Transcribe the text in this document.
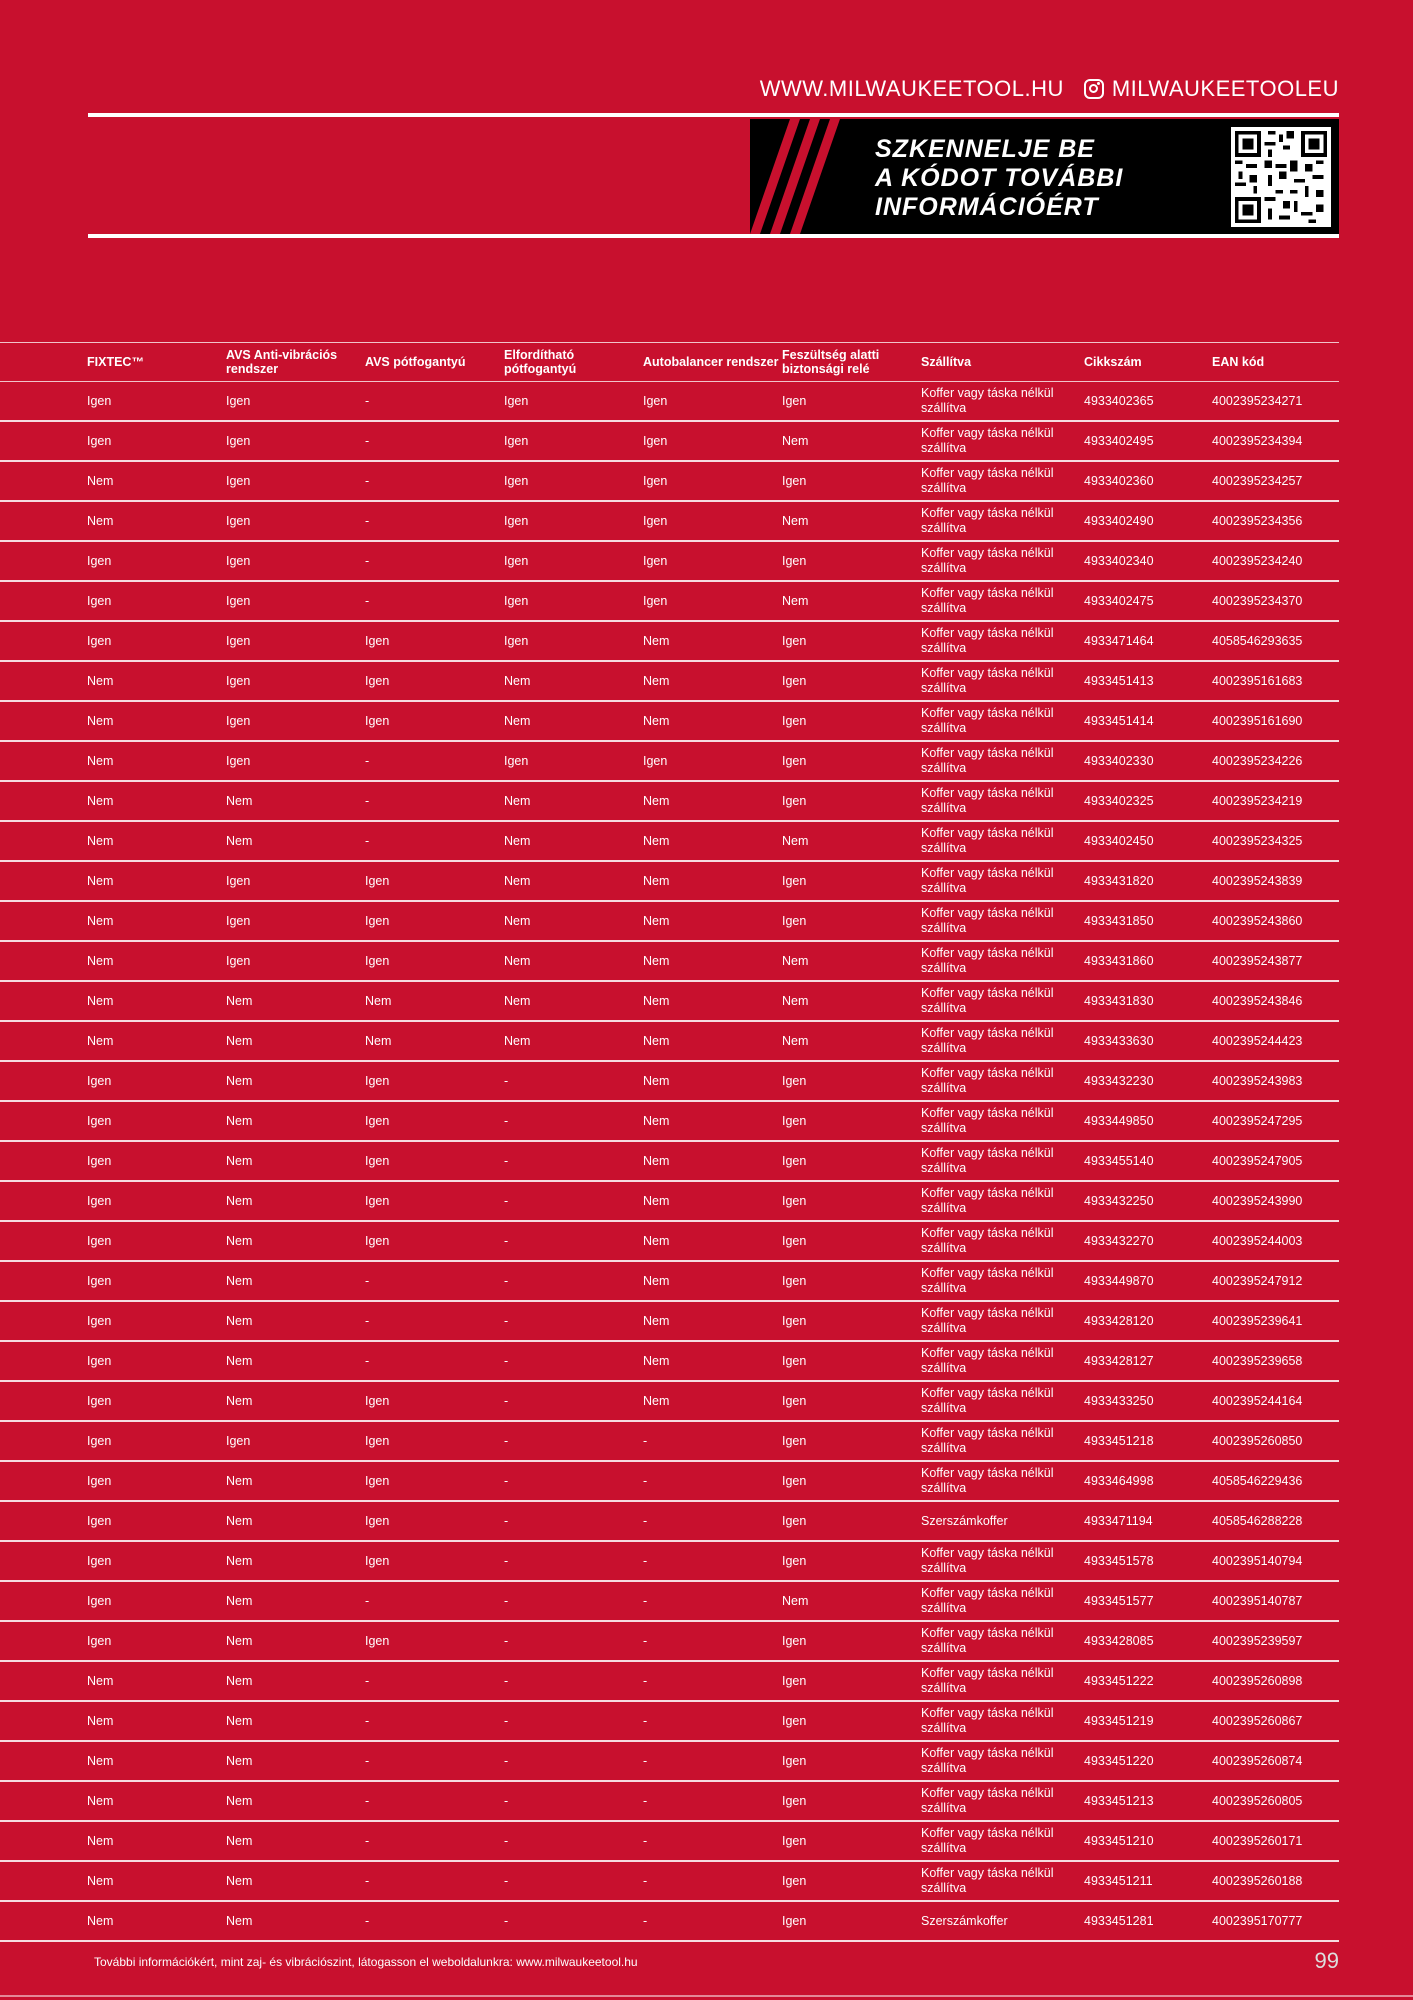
WWW.MILWAUKEETOOL.HU MILWAUKEETOOLEU
SZKENNELJE BE
A KÓDOT TOVÁBBI
INFORMÁCIÓÉRT
FIXTEC™	AVS Anti-vibrációs rendszer	AVS pótfogantyú	Elfordítható pótfogantyú	Autobalancer rendszer	Feszültség alatti biztonsági relé	Szállítva	Cikkszám	EAN kód
Igen	Igen	-	Igen	Igen	Igen	Koffer vagy táska nélkül szállítva	4933402365	4002395234271
Igen	Igen	-	Igen	Igen	Nem	Koffer vagy táska nélkül szállítva	4933402495	4002395234394
Nem	Igen	-	Igen	Igen	Igen	Koffer vagy táska nélkül szállítva	4933402360	4002395234257
Nem	Igen	-	Igen	Igen	Nem	Koffer vagy táska nélkül szállítva	4933402490	4002395234356
Igen	Igen	-	Igen	Igen	Igen	Koffer vagy táska nélkül szállítva	4933402340	4002395234240
Igen	Igen	-	Igen	Igen	Nem	Koffer vagy táska nélkül szállítva	4933402475	4002395234370
Igen	Igen	Igen	Igen	Nem	Igen	Koffer vagy táska nélkül szállítva	4933471464	4058546293635
Nem	Igen	Igen	Nem	Nem	Igen	Koffer vagy táska nélkül szállítva	4933451413	4002395161683
Nem	Igen	Igen	Nem	Nem	Igen	Koffer vagy táska nélkül szállítva	4933451414	4002395161690
Nem	Igen	-	Igen	Igen	Igen	Koffer vagy táska nélkül szállítva	4933402330	4002395234226
Nem	Nem	-	Nem	Nem	Igen	Koffer vagy táska nélkül szállítva	4933402325	4002395234219
Nem	Nem	-	Nem	Nem	Nem	Koffer vagy táska nélkül szállítva	4933402450	4002395234325
Nem	Igen	Igen	Nem	Nem	Igen	Koffer vagy táska nélkül szállítva	4933431820	4002395243839
Nem	Igen	Igen	Nem	Nem	Igen	Koffer vagy táska nélkül szállítva	4933431850	4002395243860
Nem	Igen	Igen	Nem	Nem	Nem	Koffer vagy táska nélkül szállítva	4933431860	4002395243877
Nem	Nem	Nem	Nem	Nem	Nem	Koffer vagy táska nélkül szállítva	4933431830	4002395243846
Nem	Nem	Nem	Nem	Nem	Nem	Koffer vagy táska nélkül szállítva	4933433630	4002395244423
Igen	Nem	Igen	-	Nem	Igen	Koffer vagy táska nélkül szállítva	4933432230	4002395243983
Igen	Nem	Igen	-	Nem	Igen	Koffer vagy táska nélkül szállítva	4933449850	4002395247295
Igen	Nem	Igen	-	Nem	Igen	Koffer vagy táska nélkül szállítva	4933455140	4002395247905
Igen	Nem	Igen	-	Nem	Igen	Koffer vagy táska nélkül szállítva	4933432250	4002395243990
Igen	Nem	Igen	-	Nem	Igen	Koffer vagy táska nélkül szállítva	4933432270	4002395244003
Igen	Nem	-	-	Nem	Igen	Koffer vagy táska nélkül szállítva	4933449870	4002395247912
Igen	Nem	-	-	Nem	Igen	Koffer vagy táska nélkül szállítva	4933428120	4002395239641
Igen	Nem	-	-	Nem	Igen	Koffer vagy táska nélkül szállítva	4933428127	4002395239658
Igen	Nem	Igen	-	Nem	Igen	Koffer vagy táska nélkül szállítva	4933433250	4002395244164
Igen	Igen	Igen	-	-	Igen	Koffer vagy táska nélkül szállítva	4933451218	4002395260850
Igen	Nem	Igen	-	-	Igen	Koffer vagy táska nélkül szállítva	4933464998	4058546229436
Igen	Nem	Igen	-	-	Igen	Szerszámkoffer	4933471194	4058546288228
Igen	Nem	Igen	-	-	Igen	Koffer vagy táska nélkül szállítva	4933451578	4002395140794
Igen	Nem	-	-	-	Nem	Koffer vagy táska nélkül szállítva	4933451577	4002395140787
Igen	Nem	Igen	-	-	Igen	Koffer vagy táska nélkül szállítva	4933428085	4002395239597
Nem	Nem	-	-	-	Igen	Koffer vagy táska nélkül szállítva	4933451222	4002395260898
Nem	Nem	-	-	-	Igen	Koffer vagy táska nélkül szállítva	4933451219	4002395260867
Nem	Nem	-	-	-	Igen	Koffer vagy táska nélkül szállítva	4933451220	4002395260874
Nem	Nem	-	-	-	Igen	Koffer vagy táska nélkül szállítva	4933451213	4002395260805
Nem	Nem	-	-	-	Igen	Koffer vagy táska nélkül szállítva	4933451210	4002395260171
Nem	Nem	-	-	-	Igen	Koffer vagy táska nélkül szállítva	4933451211	4002395260188
Nem	Nem	-	-	-	Igen	Szerszámkoffer	4933451281	4002395170777
További információkért, mint zaj- és vibrációszint, látogasson el weboldalunkra: www.milwaukeetool.hu	99
